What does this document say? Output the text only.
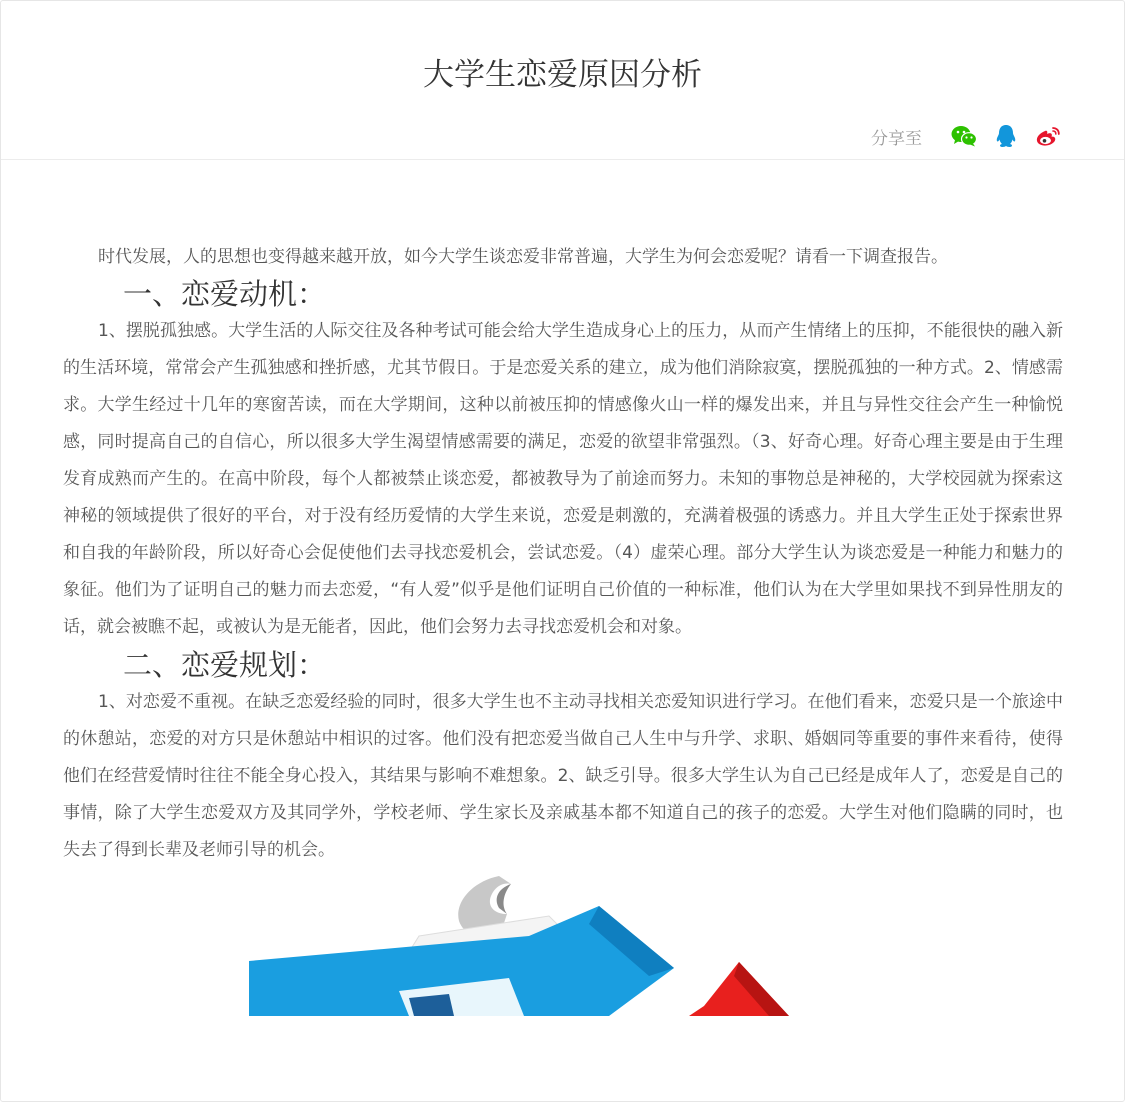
大学生恋爱原因分析
分享至

时代发展，人的思想也变得越来越开放，如今大学生谈恋爱非常普遍，大学生为何会恋爱呢？请看一下调查报告。

一、恋爱动机：

1、摆脱孤独感。大学生活的人际交往及各种考试可能会给大学生造成身心上的压力，从而产生情绪上的压抑，不能很快的融入新的生活环境，常常会产生孤独感和挫折感，尤其节假日。于是恋爱关系的建立，成为他们消除寂寞，摆脱孤独的一种方式。2、情感需求。大学生经过十几年的寒窗苦读，而在大学期间，这种以前被压抑的情感像火山一样的爆发出来，并且与异性交往会产生一种愉悦感，同时提高自己的自信心，所以很多大学生渴望情感需要的满足，恋爱的欲望非常强烈。（3、好奇心理。好奇心理主要是由于生理发育成熟而产生的。在高中阶段，每个人都被禁止谈恋爱，都被教导为了前途而努力。未知的事物总是神秘的，大学校园就为探索这神秘的领域提供了很好的平台，对于没有经历爱情的大学生来说，恋爱是刺激的，充满着极强的诱惑力。并且大学生正处于探索世界和自我的年龄阶段，所以好奇心会促使他们去寻找恋爱机会，尝试恋爱。（4）虚荣心理。部分大学生认为谈恋爱是一种能力和魅力的象征。他们为了证明自己的魅力而去恋爱，“有人爱”似乎是他们证明自己价值的一种标准，他们认为在大学里如果找不到异性朋友的话，就会被瞧不起，或被认为是无能者，因此，他们会努力去寻找恋爱机会和对象。

二、恋爱规划：

1、对恋爱不重视。在缺乏恋爱经验的同时，很多大学生也不主动寻找相关恋爱知识进行学习。在他们看来，恋爱只是一个旅途中的休憩站，恋爱的对方只是休憩站中相识的过客。他们没有把恋爱当做自己人生中与升学、求职、婚姻同等重要的事件来看待，使得他们在经营爱情时往往不能全身心投入，其结果与影响不难想象。2、缺乏引导。很多大学生认为自己已经是成年人了，恋爱是自己的事情，除了大学生恋爱双方及其同学外，学校老师、学生家长及亲戚基本都不知道自己的孩子的恋爱。大学生对他们隐瞒的同时，也失去了得到长辈及老师引导的机会。
